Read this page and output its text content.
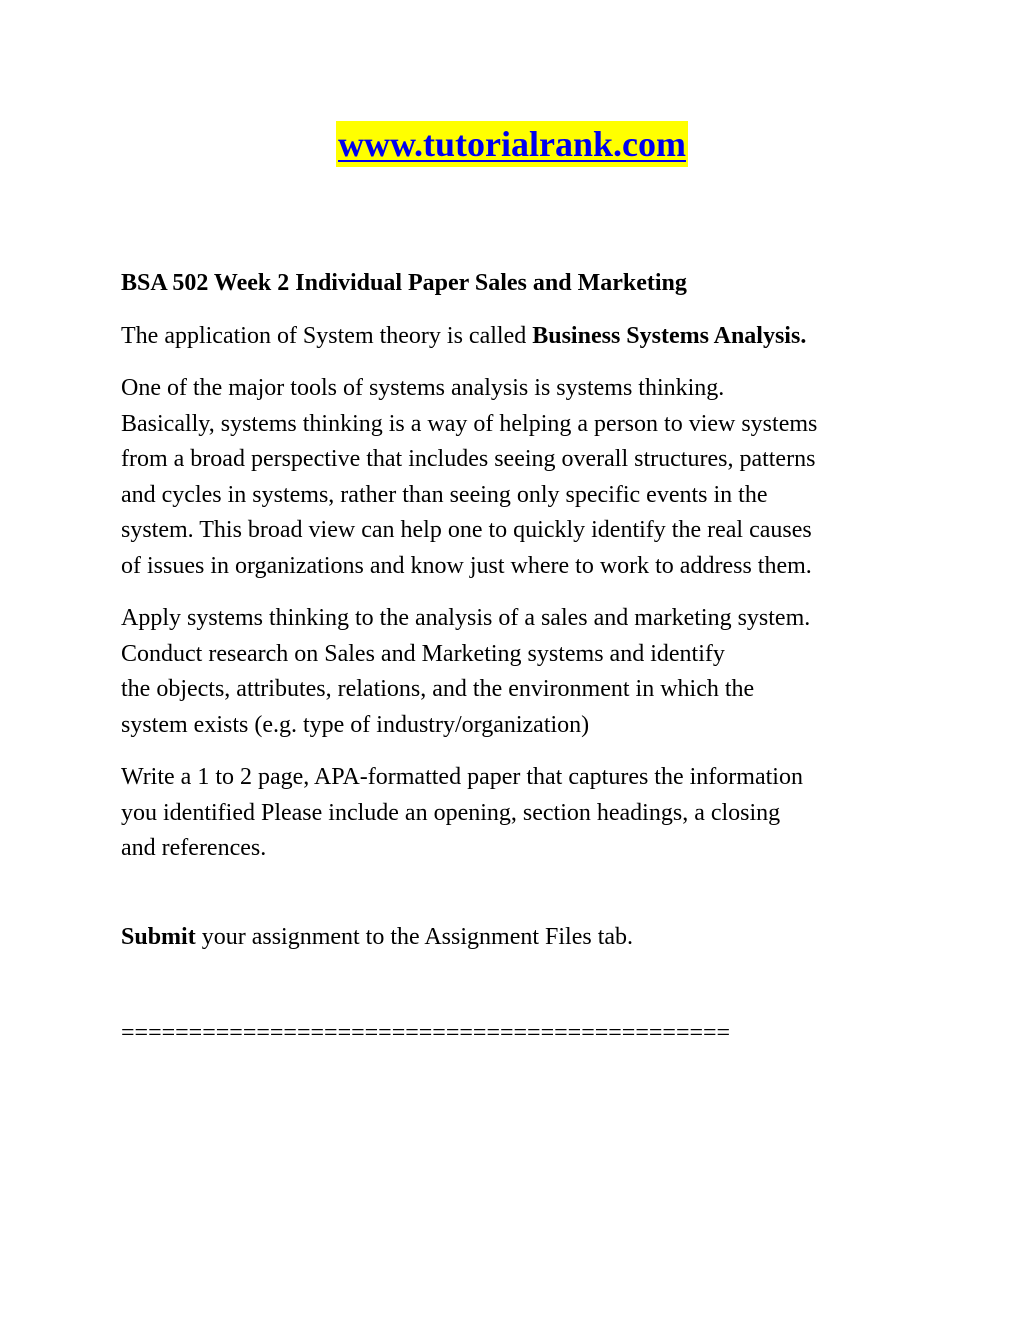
www.tutorialrank.com

BSA 502 Week 2 Individual Paper Sales and Marketing

The application of System theory is called Business Systems Analysis.

One of the major tools of systems analysis is systems thinking.
Basically, systems thinking is a way of helping a person to view systems
from a broad perspective that includes seeing overall structures, patterns
and cycles in systems, rather than seeing only specific events in the
system. This broad view can help one to quickly identify the real causes
of issues in organizations and know just where to work to address them.

Apply systems thinking to the analysis of a sales and marketing system.
Conduct research on Sales and Marketing systems and identify
the objects, attributes, relations, and the environment in which the
system exists (e.g. type of industry/organization)

Write a 1 to 2 page, APA-formatted paper that captures the information
you identified Please include an opening, section headings, a closing
and references.

Submit your assignment to the Assignment Files tab.

=============================================
